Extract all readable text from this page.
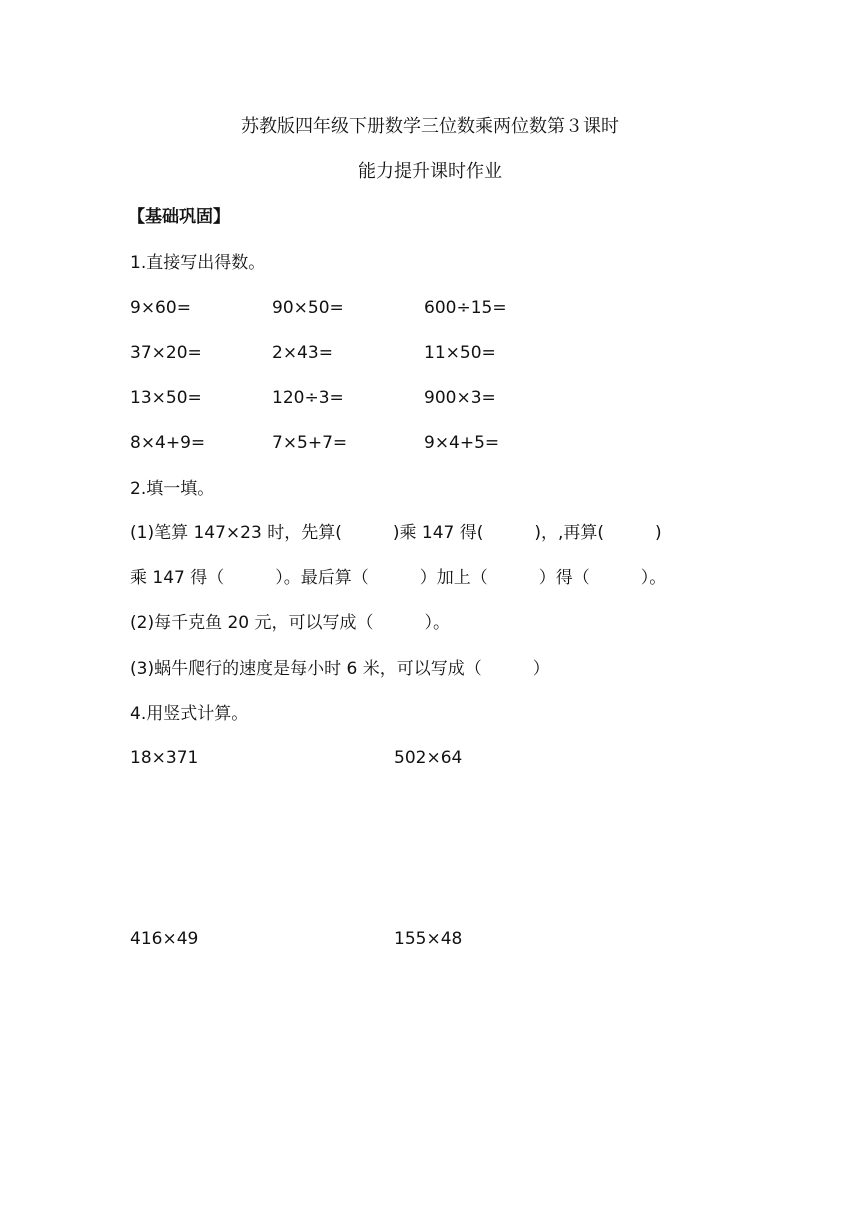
苏教版四年级下册数学三位数乘两位数第３课时
能力提升课时作业
【基础巩固】
1.直接写出得数。
9×60=	90×50=	600÷15=
37×20=	2×43=	11×50=
13×50=	120÷3=	900×3=
8×4+9=	7×5+7=	9×4+5=
2.填一填。
(1)笔算 147×23 时，先算(　　　)乘 147 得(　　　)，,再算(　　　)
乘 147 得（　　　）。最后算（　　　）加上（　　　）得（　　　）。
(2)每千克鱼 20 元，可以写成（　　　）。
(3)蜗牛爬行的速度是每小时 6 米，可以写成（　　　）
4.用竖式计算。
18×371	502×64
416×49	155×48
